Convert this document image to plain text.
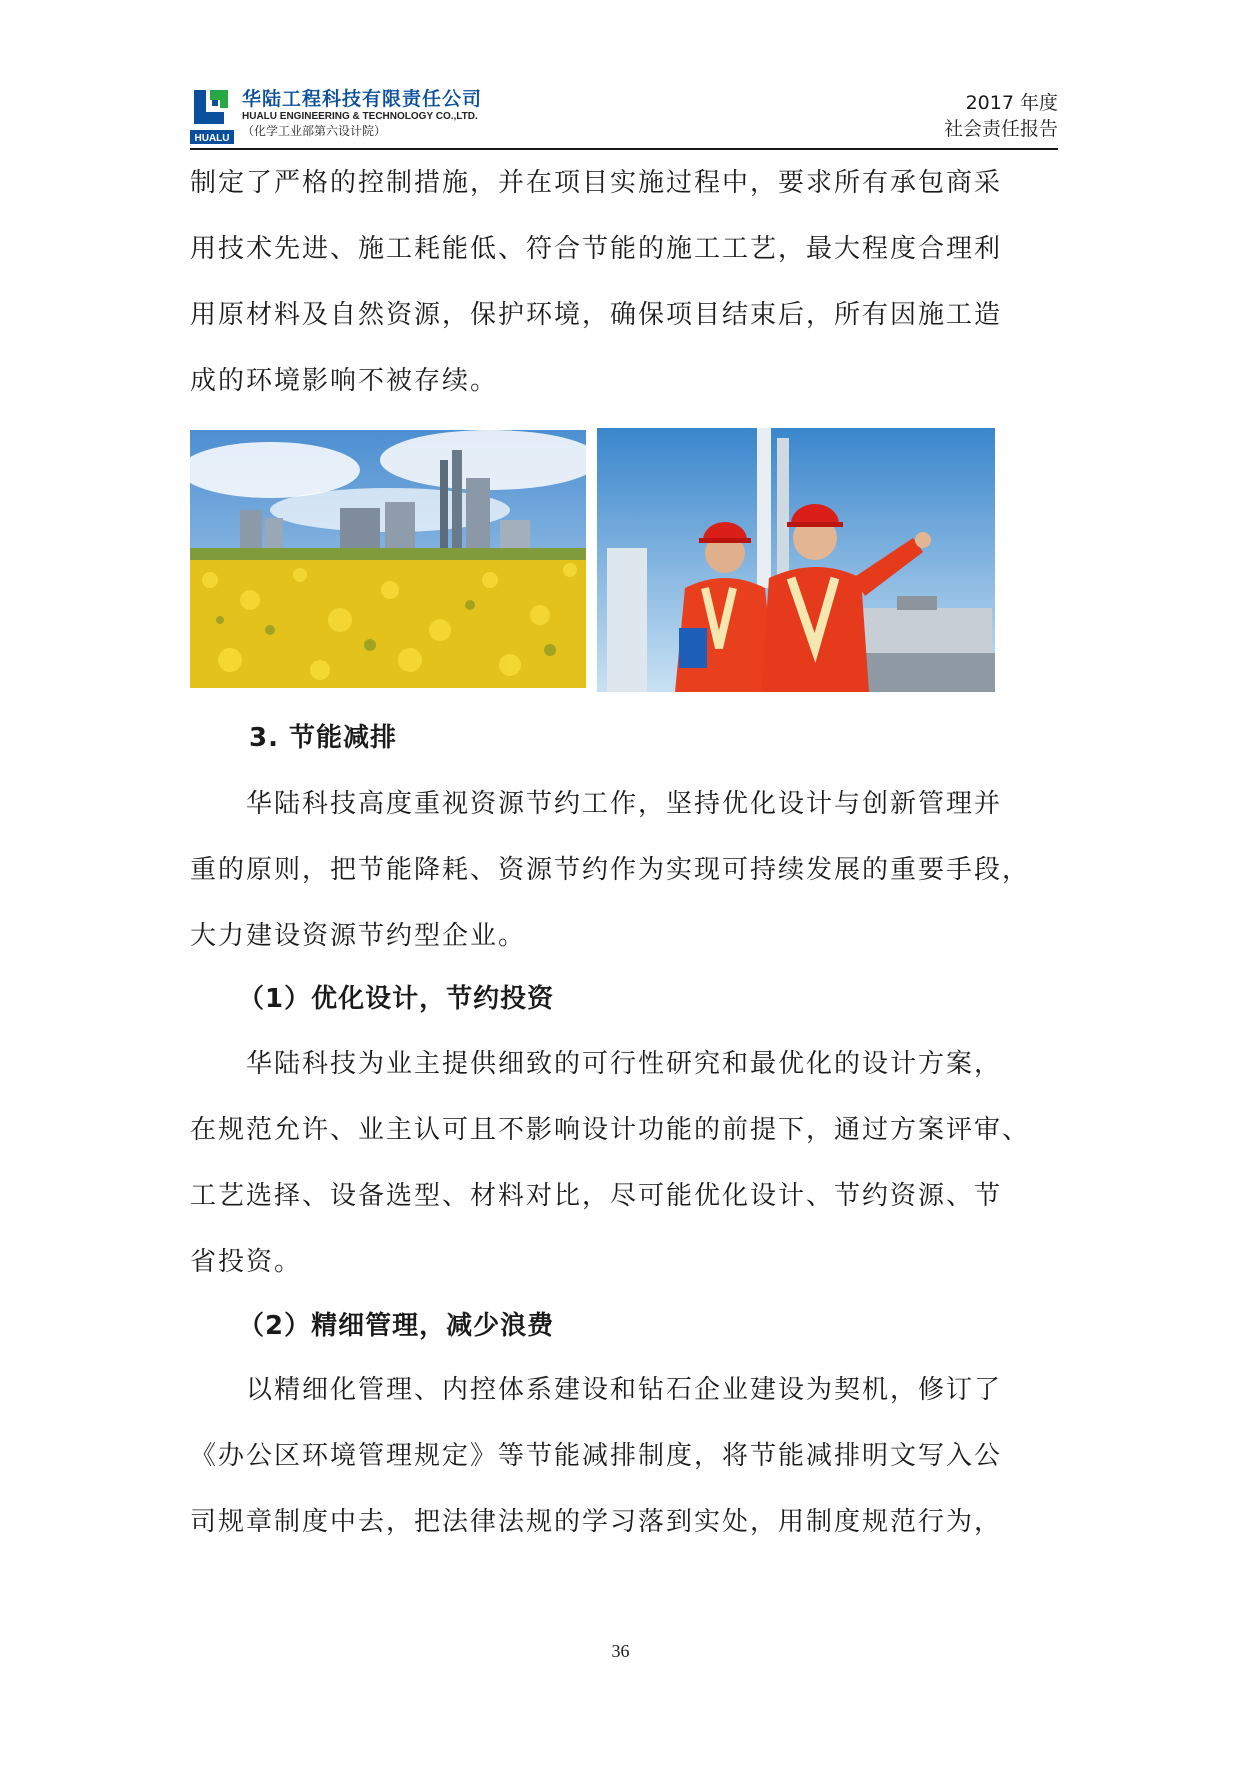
HUALU
华陆工程科技有限责任公司
HUALU ENGINEERING & TECHNOLOGY CO.,LTD.
（化学工业部第六设计院）
2017 年度
社会责任报告
制定了严格的控制措施，并在项目实施过程中，要求所有承包商采
用技术先进、施工耗能低、符合节能的施工工艺，最大程度合理利
用原材料及自然资源，保护环境，确保项目结束后，所有因施工造
成的环境影响不被存续。
3. 节能减排
华陆科技高度重视资源节约工作，坚持优化设计与创新管理并
重的原则，把节能降耗、资源节约作为实现可持续发展的重要手段，
大力建设资源节约型企业。
（1）优化设计，节约投资
华陆科技为业主提供细致的可行性研究和最优化的设计方案，
在规范允许、业主认可且不影响设计功能的前提下，通过方案评审、
工艺选择、设备选型、材料对比，尽可能优化设计、节约资源、节
省投资。
（2）精细管理，减少浪费
以精细化管理、内控体系建设和钻石企业建设为契机，修订了
《办公区环境管理规定》等节能减排制度，将节能减排明文写入公
司规章制度中去，把法律法规的学习落到实处，用制度规范行为，
36
